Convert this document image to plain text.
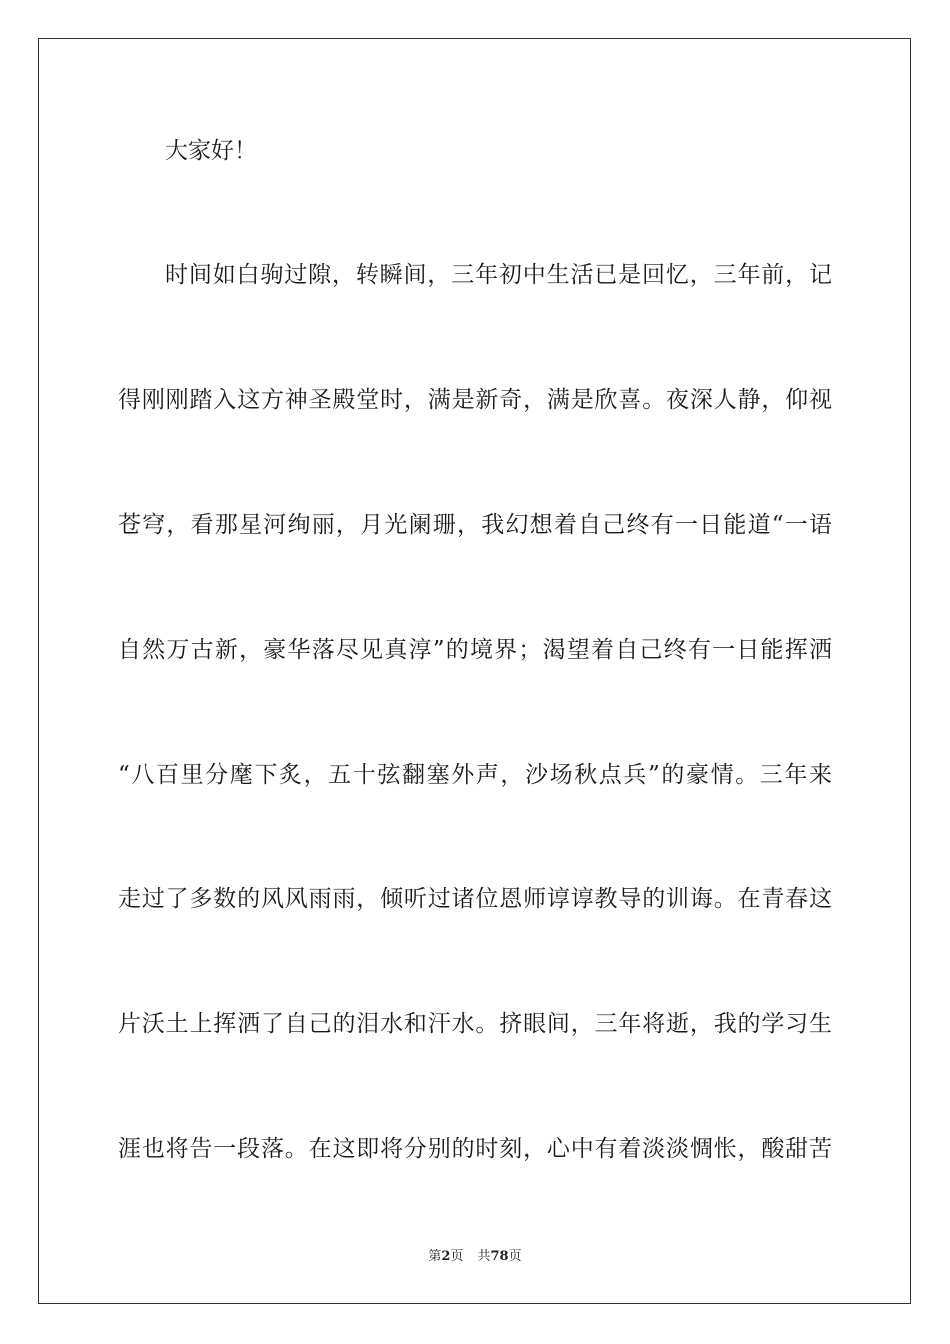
大家好！
时间如白驹过隙，转瞬间，三年初中生活已是回忆，三年前，记
得刚刚踏入这方神圣殿堂时，满是新奇，满是欣喜。夜深人静，仰视
苍穹，看那星河绚丽，月光阑珊，我幻想着自己终有一日能道“一语
自然万古新，豪华落尽见真淳”的境界；渴望着自己终有一日能挥洒
“八百里分麾下炙，五十弦翻塞外声，沙场秋点兵”的豪情。三年来
走过了多数的风风雨雨，倾听过诸位恩师谆谆教导的训诲。在青春这
片沃土上挥洒了自己的泪水和汗水。挤眼间，三年将逝，我的学习生
涯也将告一段落。在这即将分别的时刻，心中有着淡淡惆怅，酸甜苦
第2页 共78页
